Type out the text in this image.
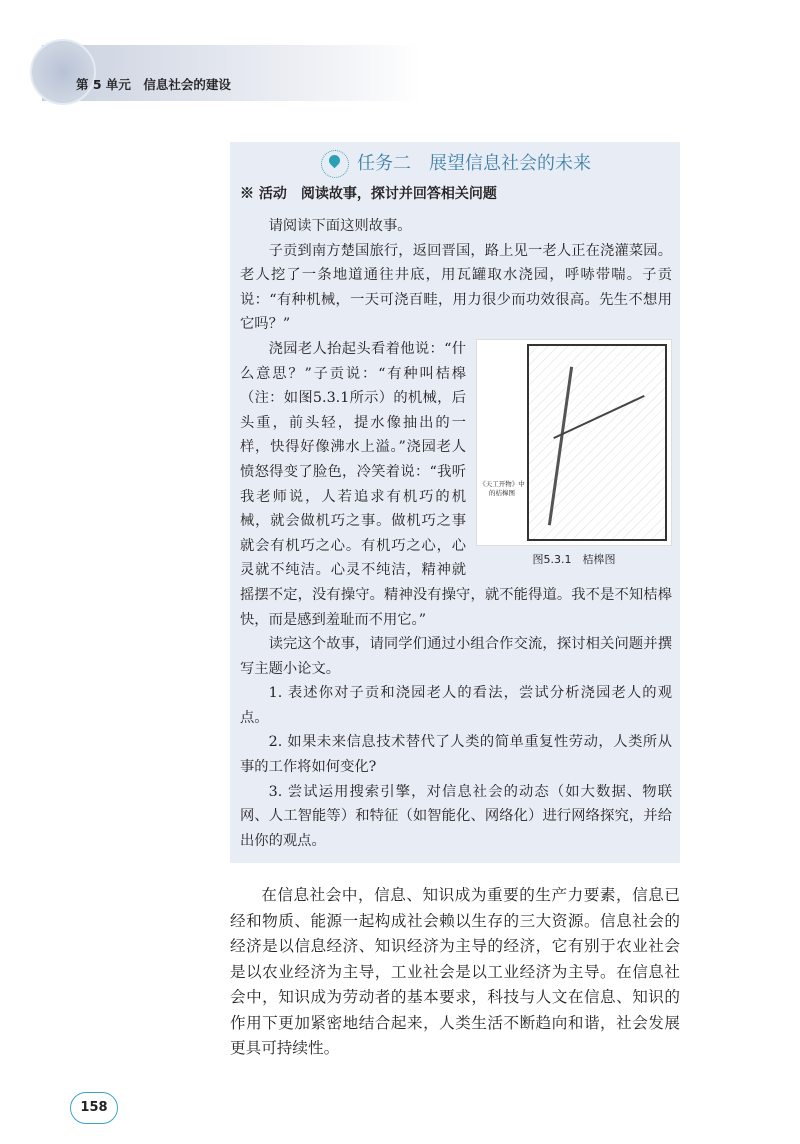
第 5 单元　信息社会的建设
任务二　展望信息社会的未来
※ 活动　阅读故事，探讨并回答相关问题

请阅读下面这则故事。

子贡到南方楚国旅行，返回晋国，路上见一老人正在浇灌菜园。老人挖了一条地道通往井底，用瓦罐取水浇园，呼哧带喘。子贡说：“有种机械，一天可浇百畦，用力很少而功效很高。先生不想用它吗？”

《天工开物》中的桔槔图
图5.3.1　桔槔图

浇园老人抬起头看着他说：“什么意思？”子贡说：“有种叫桔槔（注：如图5.3.1所示）的机械，后头重，前头轻，提水像抽出的一样，快得好像沸水上溢。”浇园老人愤怒得变了脸色，冷笑着说：“我听我老师说，人若追求有机巧的机械，就会做机巧之事。做机巧之事就会有机巧之心。有机巧之心，心灵就不纯洁。心灵不纯洁，精神就摇摆不定，没有操守。精神没有操守，就不能得道。我不是不知桔槔快，而是感到羞耻而不用它。”

读完这个故事，请同学们通过小组合作交流，探讨相关问题并撰写主题小论文。

1. 表述你对子贡和浇园老人的看法，尝试分析浇园老人的观点。

2. 如果未来信息技术替代了人类的简单重复性劳动，人类所从事的工作将如何变化?

3. 尝试运用搜索引擎，对信息社会的动态（如大数据、物联网、人工智能等）和特征（如智能化、网络化）进行网络探究，并给出你的观点。

在信息社会中，信息、知识成为重要的生产力要素，信息已经和物质、能源一起构成社会赖以生存的三大资源。信息社会的经济是以信息经济、知识经济为主导的经济，它有别于农业社会是以农业经济为主导，工业社会是以工业经济为主导。在信息社会中，知识成为劳动者的基本要求，科技与人文在信息、知识的作用下更加紧密地结合起来，人类生活不断趋向和谐，社会发展更具可持续性。

158
